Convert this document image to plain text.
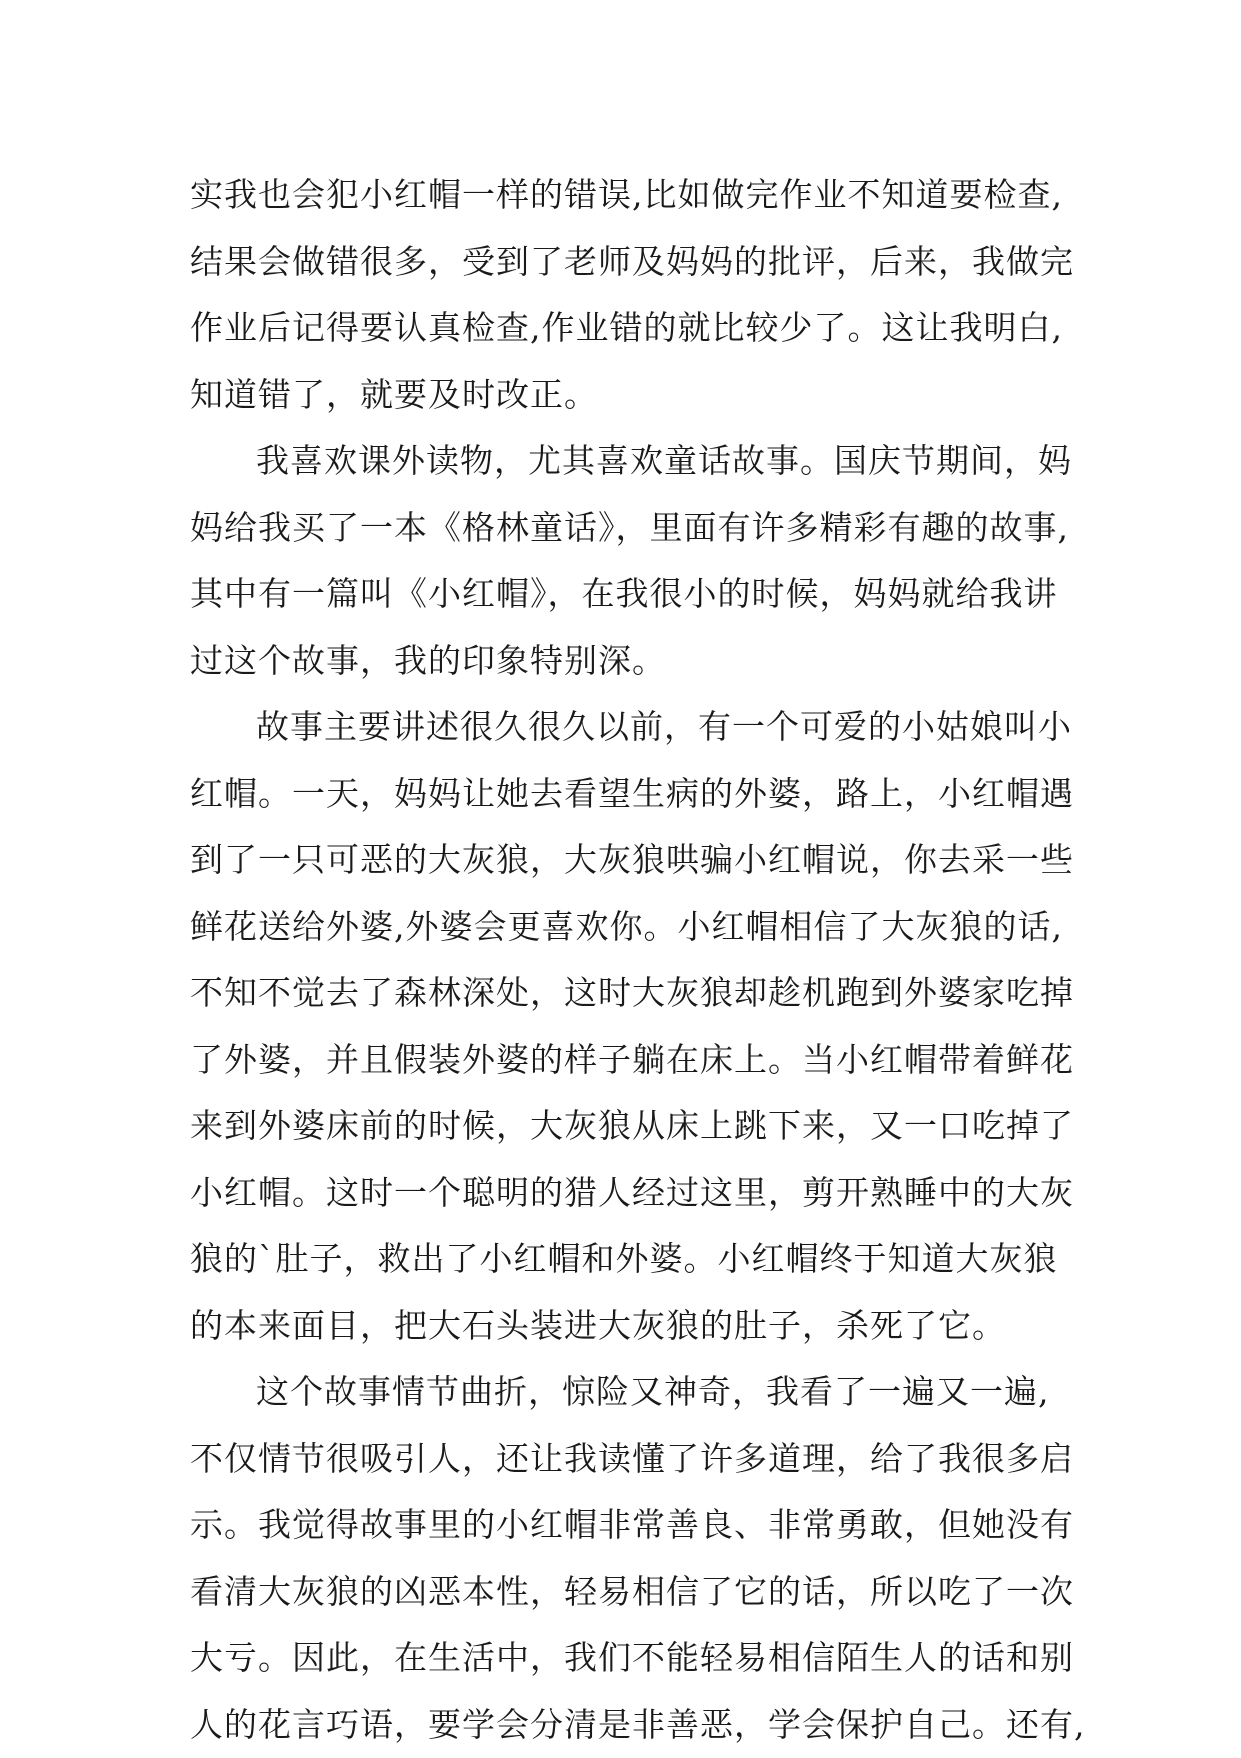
实我也会犯小红帽一样的错误,比如做完作业不知道要检查,
结果会做错很多，受到了老师及妈妈的批评，后来，我做完
作业后记得要认真检查,作业错的就比较少了。这让我明白,
知道错了，就要及时改正。
我喜欢课外读物，尤其喜欢童话故事。国庆节期间，妈
妈给我买了一本《格林童话》，里面有许多精彩有趣的故事,
其中有一篇叫《小红帽》，在我很小的时候，妈妈就给我讲
过这个故事，我的印象特别深。
故事主要讲述很久很久以前，有一个可爱的小姑娘叫小
红帽。一天，妈妈让她去看望生病的外婆，路上，小红帽遇
到了一只可恶的大灰狼，大灰狼哄骗小红帽说，你去采一些
鲜花送给外婆,外婆会更喜欢你。小红帽相信了大灰狼的话,
不知不觉去了森林深处，这时大灰狼却趁机跑到外婆家吃掉
了外婆，并且假装外婆的样子躺在床上。当小红帽带着鲜花
来到外婆床前的时候，大灰狼从床上跳下来，又一口吃掉了
小红帽。这时一个聪明的猎人经过这里，剪开熟睡中的大灰
狼的`肚子，救出了小红帽和外婆。小红帽终于知道大灰狼
的本来面目，把大石头装进大灰狼的肚子，杀死了它。
这个故事情节曲折，惊险又神奇，我看了一遍又一遍,
不仅情节很吸引人，还让我读懂了许多道理，给了我很多启
示。我觉得故事里的小红帽非常善良、非常勇敢，但她没有
看清大灰狼的凶恶本性，轻易相信了它的话，所以吃了一次
大亏。因此，在生活中，我们不能轻易相信陌生人的话和别
人的花言巧语，要学会分清是非善恶，学会保护自己。还有,
